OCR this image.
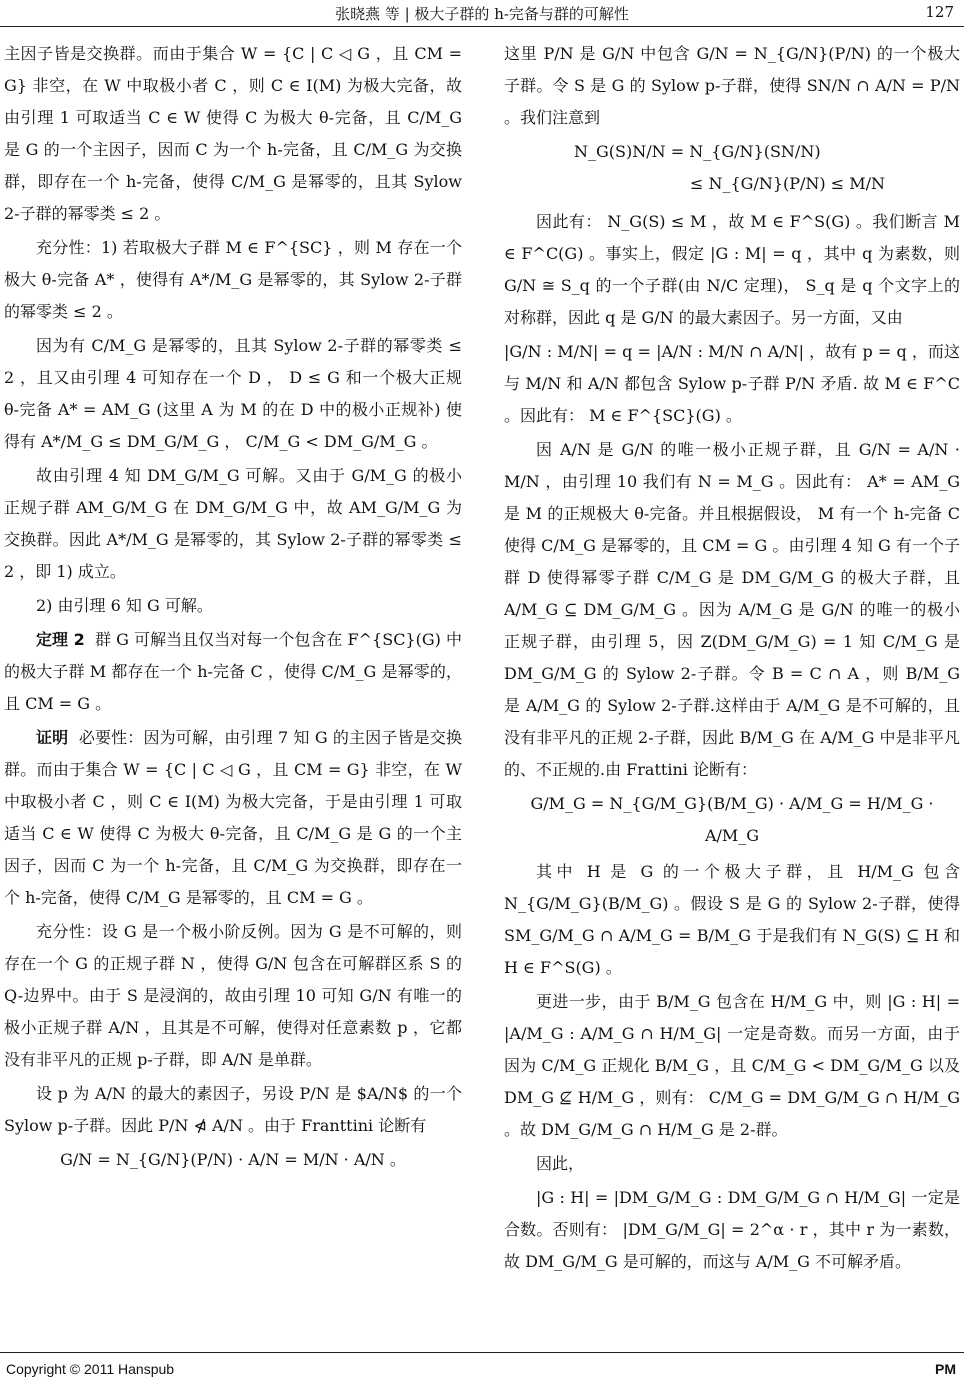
张晓燕 等 | 极大子群的 h-完备与群的可解性	127

主因子皆是交换群。而由于集合 W = {C | C ◁ G ，且 CM = G} 非空，在 W 中取极小者 C ，则 C ∈ I(M) 为极大完备，故由引理 1 可取适当 C ∈ W 使得 C 为极大 θ-完备，且 C/M_G 是 G 的一个主因子，因而 C 为一个 h-完备，且 C/M_G 为交换群，即存在一个 h-完备，使得 C/M_G 是幂零的，且其 Sylow 2-子群的幂零类 ≤ 2 。

充分性：1) 若取极大子群 M ∈ F^{SC} ，则 M 存在一个极大 θ-完备 A* ，使得有 A*/M_G 是幂零的，其 Sylow 2-子群的幂零类 ≤ 2 。

因为有 C/M_G 是幂零的，且其 Sylow 2-子群的幂零类 ≤ 2 ，且又由引理 4 可知存在一个 D ， D ≤ G 和一个极大正规 θ-完备 A* = AM_G (这里 A 为 M 的在 D 中的极小正规补) 使得有 A*/M_G ≤ DM_G/M_G ， C/M_G < DM_G/M_G 。

故由引理 4 知 DM_G/M_G 可解。又由于 G/M_G 的极小正规子群 AM_G/M_G 在 DM_G/M_G 中，故 AM_G/M_G 为交换群。因此 A*/M_G 是幂零的，其 Sylow 2-子群的幂零类 ≤ 2 ，即 1) 成立。

2) 由引理 6 知 G 可解。

定理 2 群 G 可解当且仅当对每一个包含在 F^{SC}(G) 中的极大子群 M 都存在一个 h-完备 C ，使得 C/M_G 是幂零的，且 CM = G 。

证明 必要性：因为可解，由引理 7 知 G 的主因子皆是交换群。而由于集合 W = {C | C ◁ G ，且 CM = G} 非空，在 W 中取极小者 C ，则 C ∈ I(M) 为极大完备，于是由引理 1 可取适当 C ∈ W 使得 C 为极大 θ-完备，且 C/M_G 是 G 的一个主因子，因而 C 为一个 h-完备，且 C/M_G 为交换群，即存在一个 h-完备，使得 C/M_G 是幂零的，且 CM = G 。

充分性：设 G 是一个极小阶反例。因为 G 是不可解的，则存在一个 G 的正规子群 N ，使得 G/N 包含在可解群区系 S 的 Q-边界中。由于 S 是浸润的，故由引理 10 可知 G/N 有唯一的极小正规子群 A/N ，且其是不可解，使得对任意素数 p ，它都没有非平凡的正规 p-子群，即 A/N 是单群。

设 p 为 A/N 的最大的素因子，另设 P/N 是 $A/N$ 的一个 Sylow p-子群。因此 P/N ⋪ A/N 。由于 Franttini 论断有

G/N = N_{G/N}(P/N) · A/N = M/N · A/N 。

这里 P/N 是 G/N 中包含 G/N = N_{G/N}(P/N) 的一个极大子群。令 S 是 G 的 Sylow p-子群，使得 SN/N ∩ A/N = P/N 。我们注意到

N_G(S)N/N = N_{G/N}(SN/N)

≤ N_{G/N}(P/N) ≤ M/N

因此有： N_G(S) ≤ M ，故 M ∈ F^S(G) 。我们断言 M ∈ F^C(G) 。事实上，假定 |G : M| = q ，其中 q 为素数，则 G/N ≅ S_q 的一个子群(由 N/C 定理)， S_q 是 q 个文字上的对称群，因此 q 是 G/N 的最大素因子。另一方面，又由

|G/N : M/N| = q = |A/N : M/N ∩ A/N| ，故有 p = q ，而这与 M/N 和 A/N 都包含 Sylow p-子群 P/N 矛盾. 故 M ∈ F^C 。因此有： M ∈ F^{SC}(G) 。

因 A/N 是 G/N 的唯一极小正规子群，且 G/N = A/N · M/N ，由引理 10 我们有 N = M_G 。因此有： A* = AM_G 是 M 的正规极大 θ-完备。并且根据假设， M 有一个 h-完备 C 使得 C/M_G 是幂零的，且 CM = G 。由引理 4 知 G 有一个子群 D 使得幂零子群 C/M_G 是 DM_G/M_G 的极大子群，且 A/M_G ⊆ DM_G/M_G 。因为 A/M_G 是 G/N 的唯一的极小正规子群，由引理 5，因 Z(DM_G/M_G) = 1 知 C/M_G 是 DM_G/M_G 的 Sylow 2-子群。令 B = C ∩ A ，则 B/M_G 是 A/M_G 的 Sylow 2-子群.这样由于 A/M_G 是不可解的，且没有非平凡的正规 2-子群，因此 B/M_G 在 A/M_G 中是非平凡的、不正规的.由 Frattini 论断有：

G/M_G = N_{G/M_G}(B/M_G) · A/M_G = H/M_G · A/M_G

其中 H 是 G 的一个极大子群，且 H/M_G 包含 N_{G/M_G}(B/M_G) 。假设 S 是 G 的 Sylow 2-子群，使得 SM_G/M_G ∩ A/M_G = B/M_G 于是我们有 N_G(S) ⊆ H 和 H ∈ F^S(G) 。

更进一步，由于 B/M_G 包含在 H/M_G 中，则 |G : H| = |A/M_G : A/M_G ∩ H/M_G| 一定是奇数。而另一方面，由于因为 C/M_G 正规化 B/M_G ，且 C/M_G < DM_G/M_G 以及 DM_G ⊈ H/M_G ，则有： C/M_G = DM_G/M_G ∩ H/M_G 。故 DM_G/M_G ∩ H/M_G 是 2-群。

因此，

|G : H| = |DM_G/M_G : DM_G/M_G ∩ H/M_G| 一定是合数。否则有： |DM_G/M_G| = 2^α · r ，其中 r 为一素数，故 DM_G/M_G 是可解的，而这与 A/M_G 不可解矛盾。

Copyright © 2011 Hanspub	PM
